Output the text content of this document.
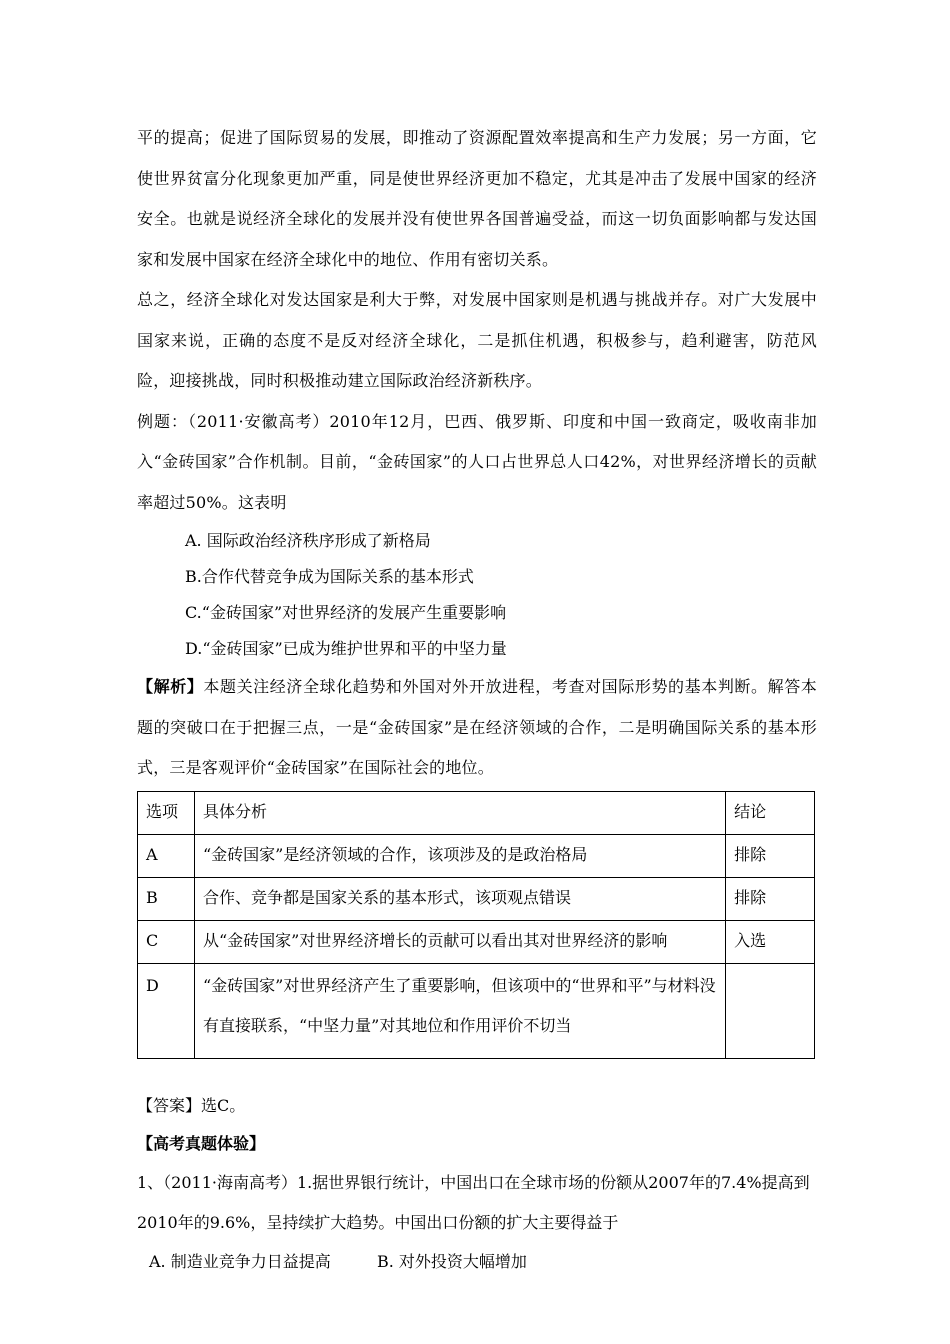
平的提高；促进了国际贸易的发展，即推动了资源配置效率提高和生产力发展；另一方面，它使世界贫富分化现象更加严重，同是使世界经济更加不稳定，尤其是冲击了发展中国家的经济安全。也就是说经济全球化的发展并没有使世界各国普遍受益，而这一切负面影响都与发达国家和发展中国家在经济全球化中的地位、作用有密切关系。

总之，经济全球化对发达国家是利大于弊，对发展中国家则是机遇与挑战并存。对广大发展中国家来说，正确的态度不是反对经济全球化，二是抓住机遇，积极参与，趋利避害，防范风险，迎接挑战，同时积极推动建立国际政治经济新秩序。

例题：（2011·安徽高考）2010年12月，巴西、俄罗斯、印度和中国一致商定，吸收南非加入“金砖国家”合作机制。目前，“金砖国家”的人口占世界总人口42%，对世界经济增长的贡献率超过50%。这表明

A. 国际政治经济秩序形成了新格局

B.合作代替竞争成为国际关系的基本形式

C.“金砖国家”对世界经济的发展产生重要影响

D.“金砖国家”已成为维护世界和平的中坚力量

【解析】本题关注经济全球化趋势和外国对外开放进程，考查对国际形势的基本判断。解答本题的突破口在于把握三点，一是“金砖国家”是在经济领域的合作，二是明确国际关系的基本形式，三是客观评价“金砖国家”在国际社会的地位。

选项	具体分析	结论
A	“金砖国家”是经济领域的合作，该项涉及的是政治格局	排除
B	合作、竞争都是国家关系的基本形式，该项观点错误	排除
C	从“金砖国家”对世界经济增长的贡献可以看出其对世界经济的影响	入选
D	“金砖国家”对世界经济产生了重要影响，但该项中的“世界和平”与材料没有直接联系，“中坚力量”对其地位和作用评价不切当	

【答案】选C。

【高考真题体验】

1、（2011·海南高考）1.据世界银行统计，中国出口在全球市场的份额从2007年的7.4%提高到2010年的9.6%，呈持续扩大趋势。中国出口份额的扩大主要得益于

A. 制造业竞争力日益提高	B. 对外投资大幅增加
